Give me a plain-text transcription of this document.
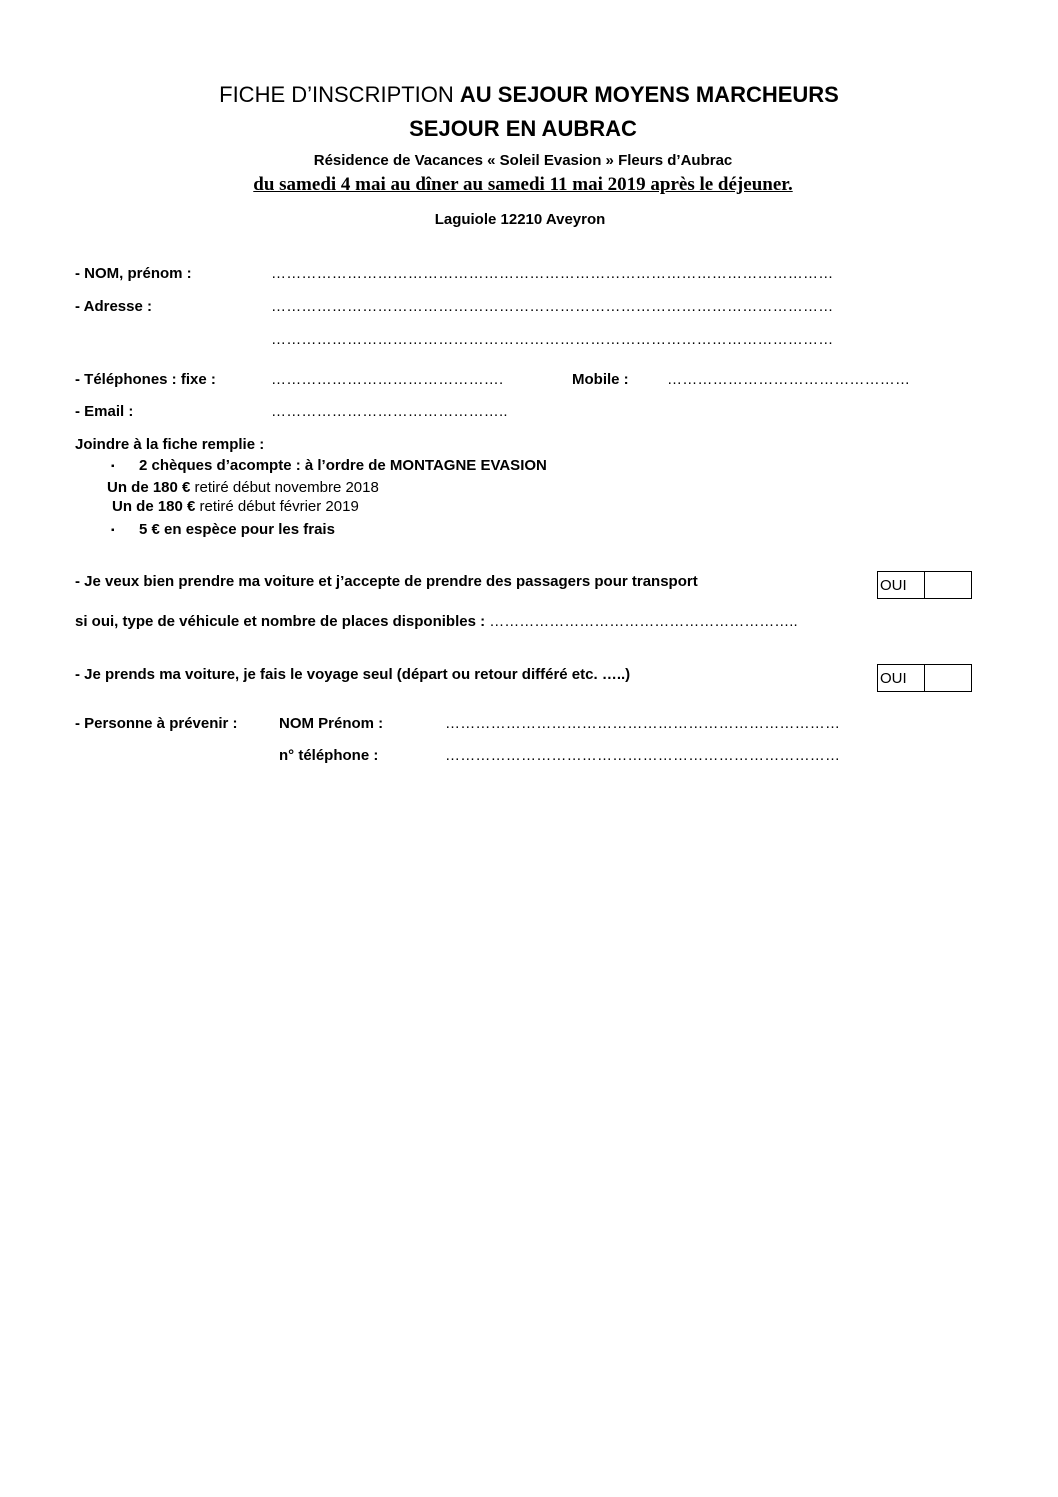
FICHE D’INSCRIPTION AU SEJOUR MOYENS MARCHEURS
SEJOUR EN AUBRAC
Résidence de Vacances « Soleil Evasion » Fleurs d’Aubrac
du samedi 4 mai au dîner au samedi 11 mai 2019 après le déjeuner.
Laguiole 12210 Aveyron
- NOM, prénom :	…………………………………………………………………………………………………
- Adresse :	…………………………………………………………………………………………………
…………………………………………………………………………………………………
- Téléphones : fixe :	……………………………………….	Mobile :	…………………………………………
- Email :	………………………………………..
Joindre à la fiche remplie :
▪ 2 chèques d’acompte : à l’ordre de MONTAGNE EVASION
Un de 180 € retiré début novembre 2018
Un de 180 € retiré début février 2019
▪ 5 € en espèce pour les frais
- Je veux bien prendre ma voiture et j’accepte de prendre des passagers pour transport	OUI
si oui, type de véhicule et nombre de places disponibles : ……………………………………………………..
- Je prends ma voiture, je fais le voyage seul (départ ou retour différé etc. …..)	OUI
- Personne à prévenir :	NOM Prénom :	……………………………………………………………………
n° téléphone :	……………………………………………………………………
